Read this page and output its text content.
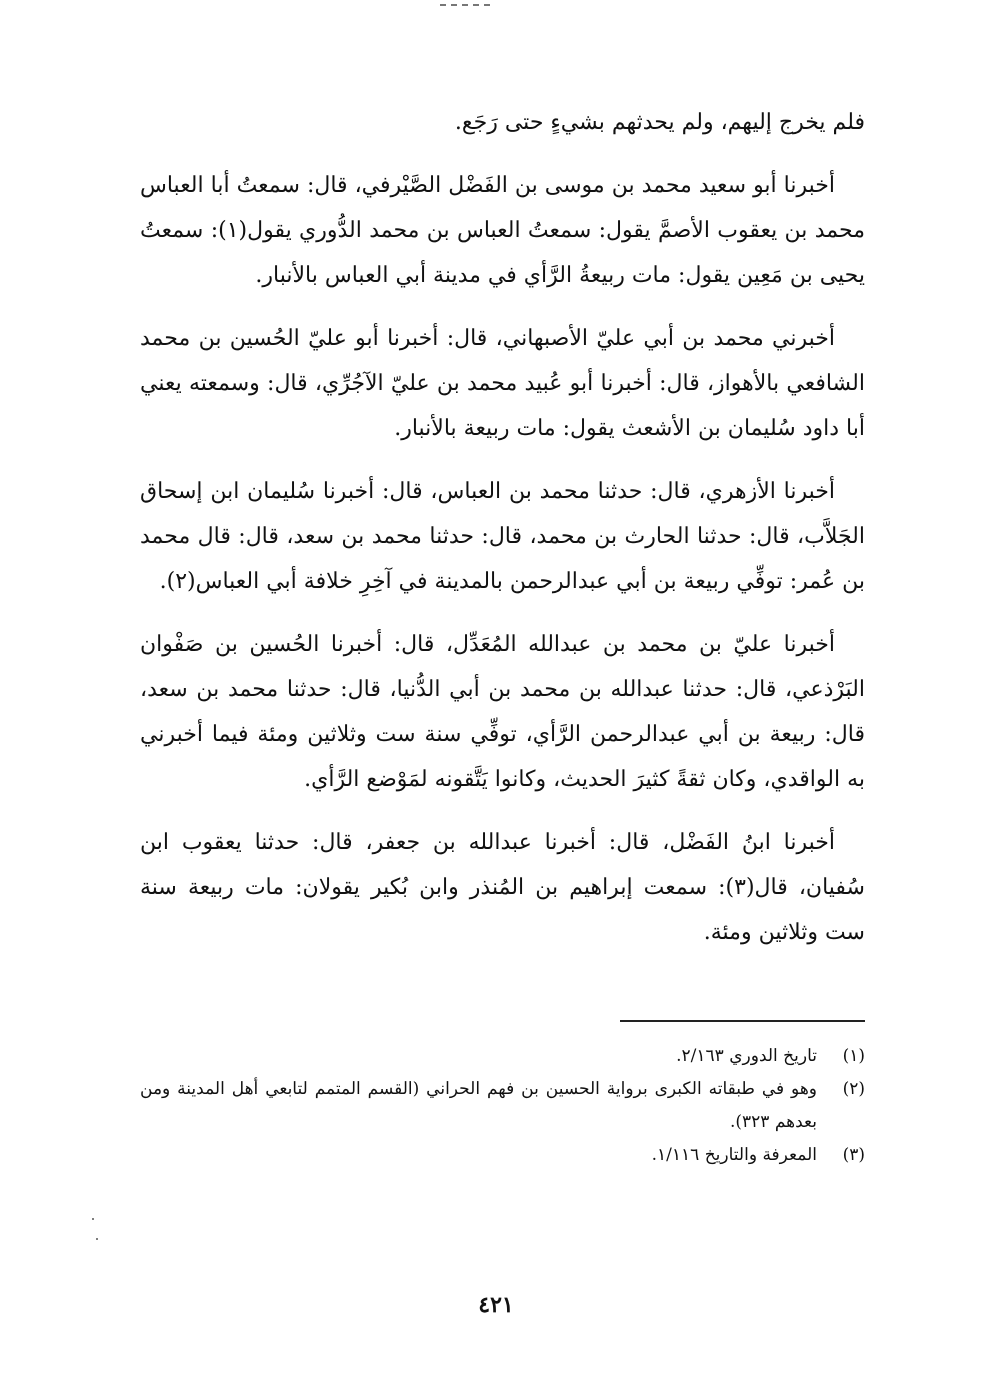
فلم يخرج إليهم، ولم يحدثهم بشيءٍ حتى رَجَع.

أخبرنا أبو سعيد محمد بن موسى بن الفَضْل الصَّيْرفي، قال: سمعتُ أبا العباس محمد بن يعقوب الأصمَّ يقول: سمعتُ العباس بن محمد الدُّوري يقول(١): سمعتُ يحيى بن مَعِين يقول: مات ربيعةُ الرَّأي في مدينة أبي العباس بالأنبار.

أخبرني محمد بن أبي عليّ الأصبهاني، قال: أخبرنا أبو عليّ الحُسين بن محمد الشافعي بالأهواز، قال: أخبرنا أبو عُبيد محمد بن عليّ الآجُرِّي، قال: وسمعته يعني أبا داود سُليمان بن الأشعث يقول: مات ربيعة بالأنبار.

أخبرنا الأزهري، قال: حدثنا محمد بن العباس، قال: أخبرنا سُليمان ابن إسحاق الجَلاَّب، قال: حدثنا الحارث بن محمد، قال: حدثنا محمد بن سعد، قال: قال محمد بن عُمر: توفِّي ربيعة بن أبي عبدالرحمن بالمدينة في آخِرِ خلافة أبي العباس(٢).

أخبرنا عليّ بن محمد بن عبدالله المُعَدِّل، قال: أخبرنا الحُسين بن صَفْوان البَرْذعي، قال: حدثنا عبدالله بن محمد بن أبي الدُّنيا، قال: حدثنا محمد بن سعد، قال: ربيعة بن أبي عبدالرحمن الرَّأي، توفِّي سنة ست وثلاثين ومئة فيما أخبرني به الواقدي، وكان ثقةً كثيرَ الحديث، وكانوا يَتَّقونه لمَوْضع الرَّأي.

أخبرنا ابنُ الفَضْل، قال: أخبرنا عبدالله بن جعفر، قال: حدثنا يعقوب ابن سُفيان، قال(٣): سمعت إبراهيم بن المُنذر وابن بُكير يقولان: مات ربيعة سنة ست وثلاثين ومئة.

(١)
تاريخ الدوري ٢/١٦٣.
(٢)
وهو في طبقاته الكبرى برواية الحسين بن فهم الحراني (القسم المتمم لتابعي أهل المدينة ومن بعدهم ٣٢٣).
(٣)
المعرفة والتاريخ ١/١١٦.
٤٢١
